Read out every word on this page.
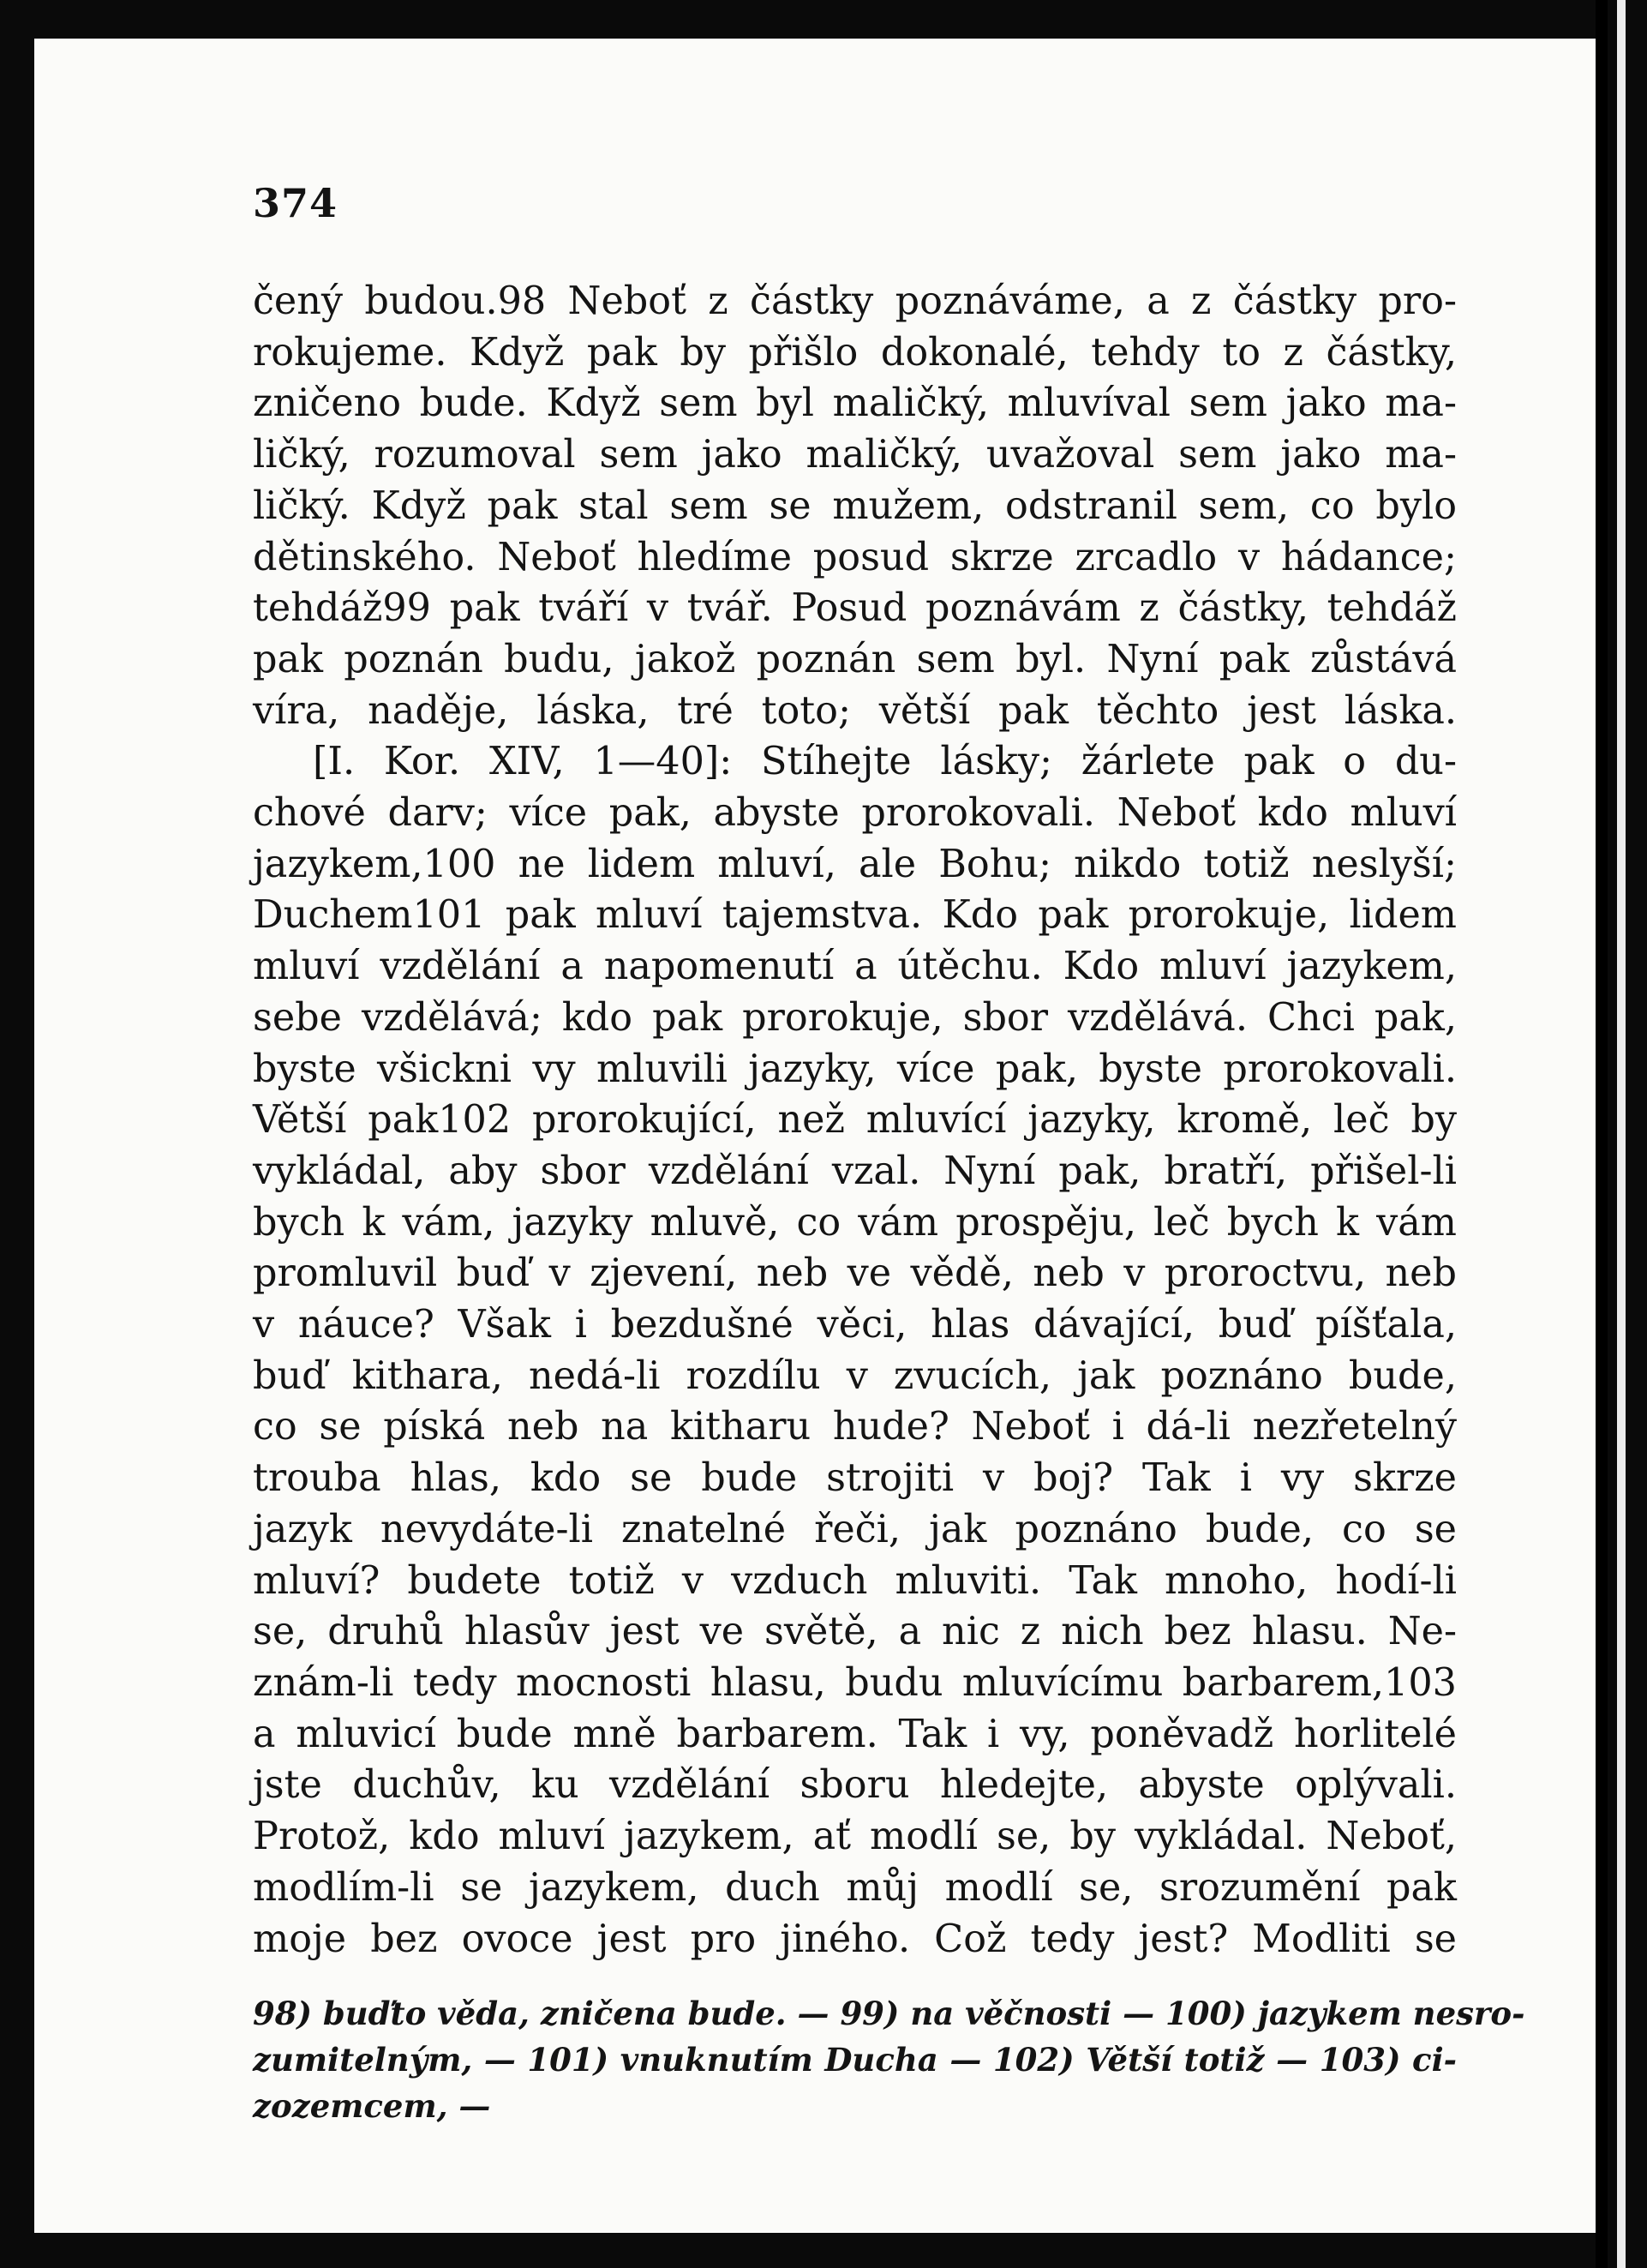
374
čený budou.98 Neboť z částky poznáváme, a z částky pro-
rokujeme. Když pak by přišlo dokonalé, tehdy to z částky,
zničeno bude. Když sem byl maličký, mluvíval sem jako ma-
ličký, rozumoval sem jako maličký, uvažoval sem jako ma-
ličký. Když pak stal sem se mužem, odstranil sem, co bylo
dětinského. Neboť hledíme posud skrze zrcadlo v hádance;
tehdáž99 pak tváří v tvář. Posud poznávám z částky, tehdáž
pak poznán budu, jakož poznán sem byl. Nyní pak zůstává
víra, naděje, láska, tré toto; větší pak těchto jest láska.
[I. Kor. XIV, 1—40]: Stíhejte lásky; žárlete pak o du-
chové darv; více pak, abyste prorokovali. Neboť kdo mluví
jazykem,100 ne lidem mluví, ale Bohu; nikdo totiž neslyší;
Duchem101 pak mluví tajemstva. Kdo pak prorokuje, lidem
mluví vzdělání a napomenutí a útěchu. Kdo mluví jazykem,
sebe vzdělává; kdo pak prorokuje, sbor vzdělává. Chci pak,
byste všickni vy mluvili jazyky, více pak, byste prorokovali.
Větší pak102 prorokující, než mluvící jazyky, kromě, leč by
vykládal, aby sbor vzdělání vzal. Nyní pak, bratří, přišel-li
bych k vám, jazyky mluvě, co vám prospěju, leč bych k vám
promluvil buď v zjevení, neb ve vědě, neb v proroctvu, neb
v náuce? Však i bezdušné věci, hlas dávající, buď píšťala,
buď kithara, nedá-li rozdílu v zvucích, jak poznáno bude,
co se píská neb na kitharu hude? Neboť i dá-li nezřetelný
trouba hlas, kdo se bude strojiti v boj? Tak i vy skrze
jazyk nevydáte-li znatelné řeči, jak poznáno bude, co se
mluví? budete totiž v vzduch mluviti. Tak mnoho, hodí-li
se, druhů hlasův jest ve světě, a nic z nich bez hlasu. Ne-
znám-li tedy mocnosti hlasu, budu mluvícímu barbarem,103
a mluvicí bude mně barbarem. Tak i vy, poněvadž horlitelé
jste duchův, ku vzdělání sboru hledejte, abyste oplývali.
Protož, kdo mluví jazykem, ať modlí se, by vykládal. Neboť,
modlím-li se jazykem, duch můj modlí se, srozumění pak
moje bez ovoce jest pro jiného. Což tedy jest? Modliti se
98) buďto věda, zničena bude. — 99) na věčnosti — 100) jazykem nesro-
zumitelným, — 101) vnuknutím Ducha — 102) Větší totiž — 103) ci-
zozemcem, —
